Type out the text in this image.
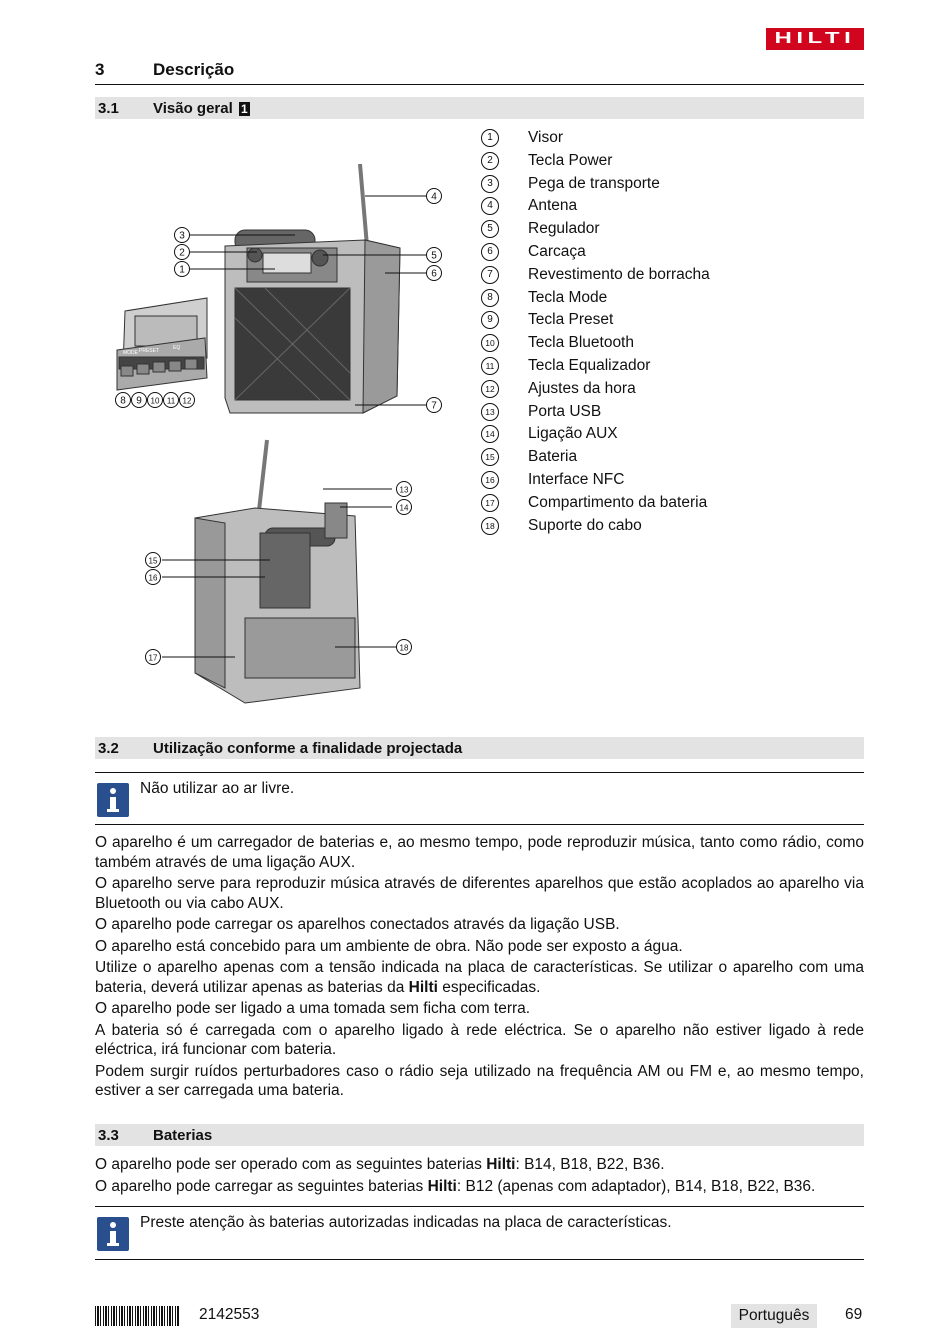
HILTI
3	Descrição
3.1 Visão geral 1
3
2
1
4
5
6
7
8 9 10 11 12
13
14
15
16
17
18
MODE PRESET	EQ
1	Visor
2	Tecla Power
3	Pega de transporte
4	Antena
5	Regulador
6	Carcaça
7	Revestimento de borracha
8	Tecla Mode
9	Tecla Preset
10 Tecla Bluetooth
11 Tecla Equalizador
12 Ajustes da hora
13 Porta USB
14 Ligação AUX
15 Bateria
16 Interface NFC
17 Compartimento da bateria
18 Suporte do cabo
3.2 Utilização conforme a finalidade projectada
Não utilizar ao ar livre.

O aparelho é um carregador de baterias e, ao mesmo tempo, pode reproduzir música, tanto como rádio, como também através de uma ligação AUX.

O aparelho serve para reproduzir música através de diferentes aparelhos que estão acoplados ao aparelho via Bluetooth ou via cabo AUX.

O aparelho pode carregar os aparelhos conectados através da ligação USB.

O aparelho está concebido para um ambiente de obra. Não pode ser exposto a água.

Utilize o aparelho apenas com a tensão indicada na placa de características. Se utilizar o aparelho com uma bateria, deverá utilizar apenas as baterias da Hilti especificadas.

O aparelho pode ser ligado a uma tomada sem ficha com terra.

A bateria só é carregada com o aparelho ligado à rede eléctrica. Se o aparelho não estiver ligado à rede eléctrica, irá funcionar com bateria.

Podem surgir ruídos perturbadores caso o rádio seja utilizado na frequência AM ou FM e, ao mesmo tempo, estiver a ser carregada uma bateria.

3.3 Baterias
O aparelho pode ser operado com as seguintes baterias Hilti: B14, B18, B22, B36.
O aparelho pode carregar as seguintes baterias Hilti: B12 (apenas com adaptador), B14, B18, B22, B36.
Preste atenção às baterias autorizadas indicadas na placa de características.
2142553	Português	69
